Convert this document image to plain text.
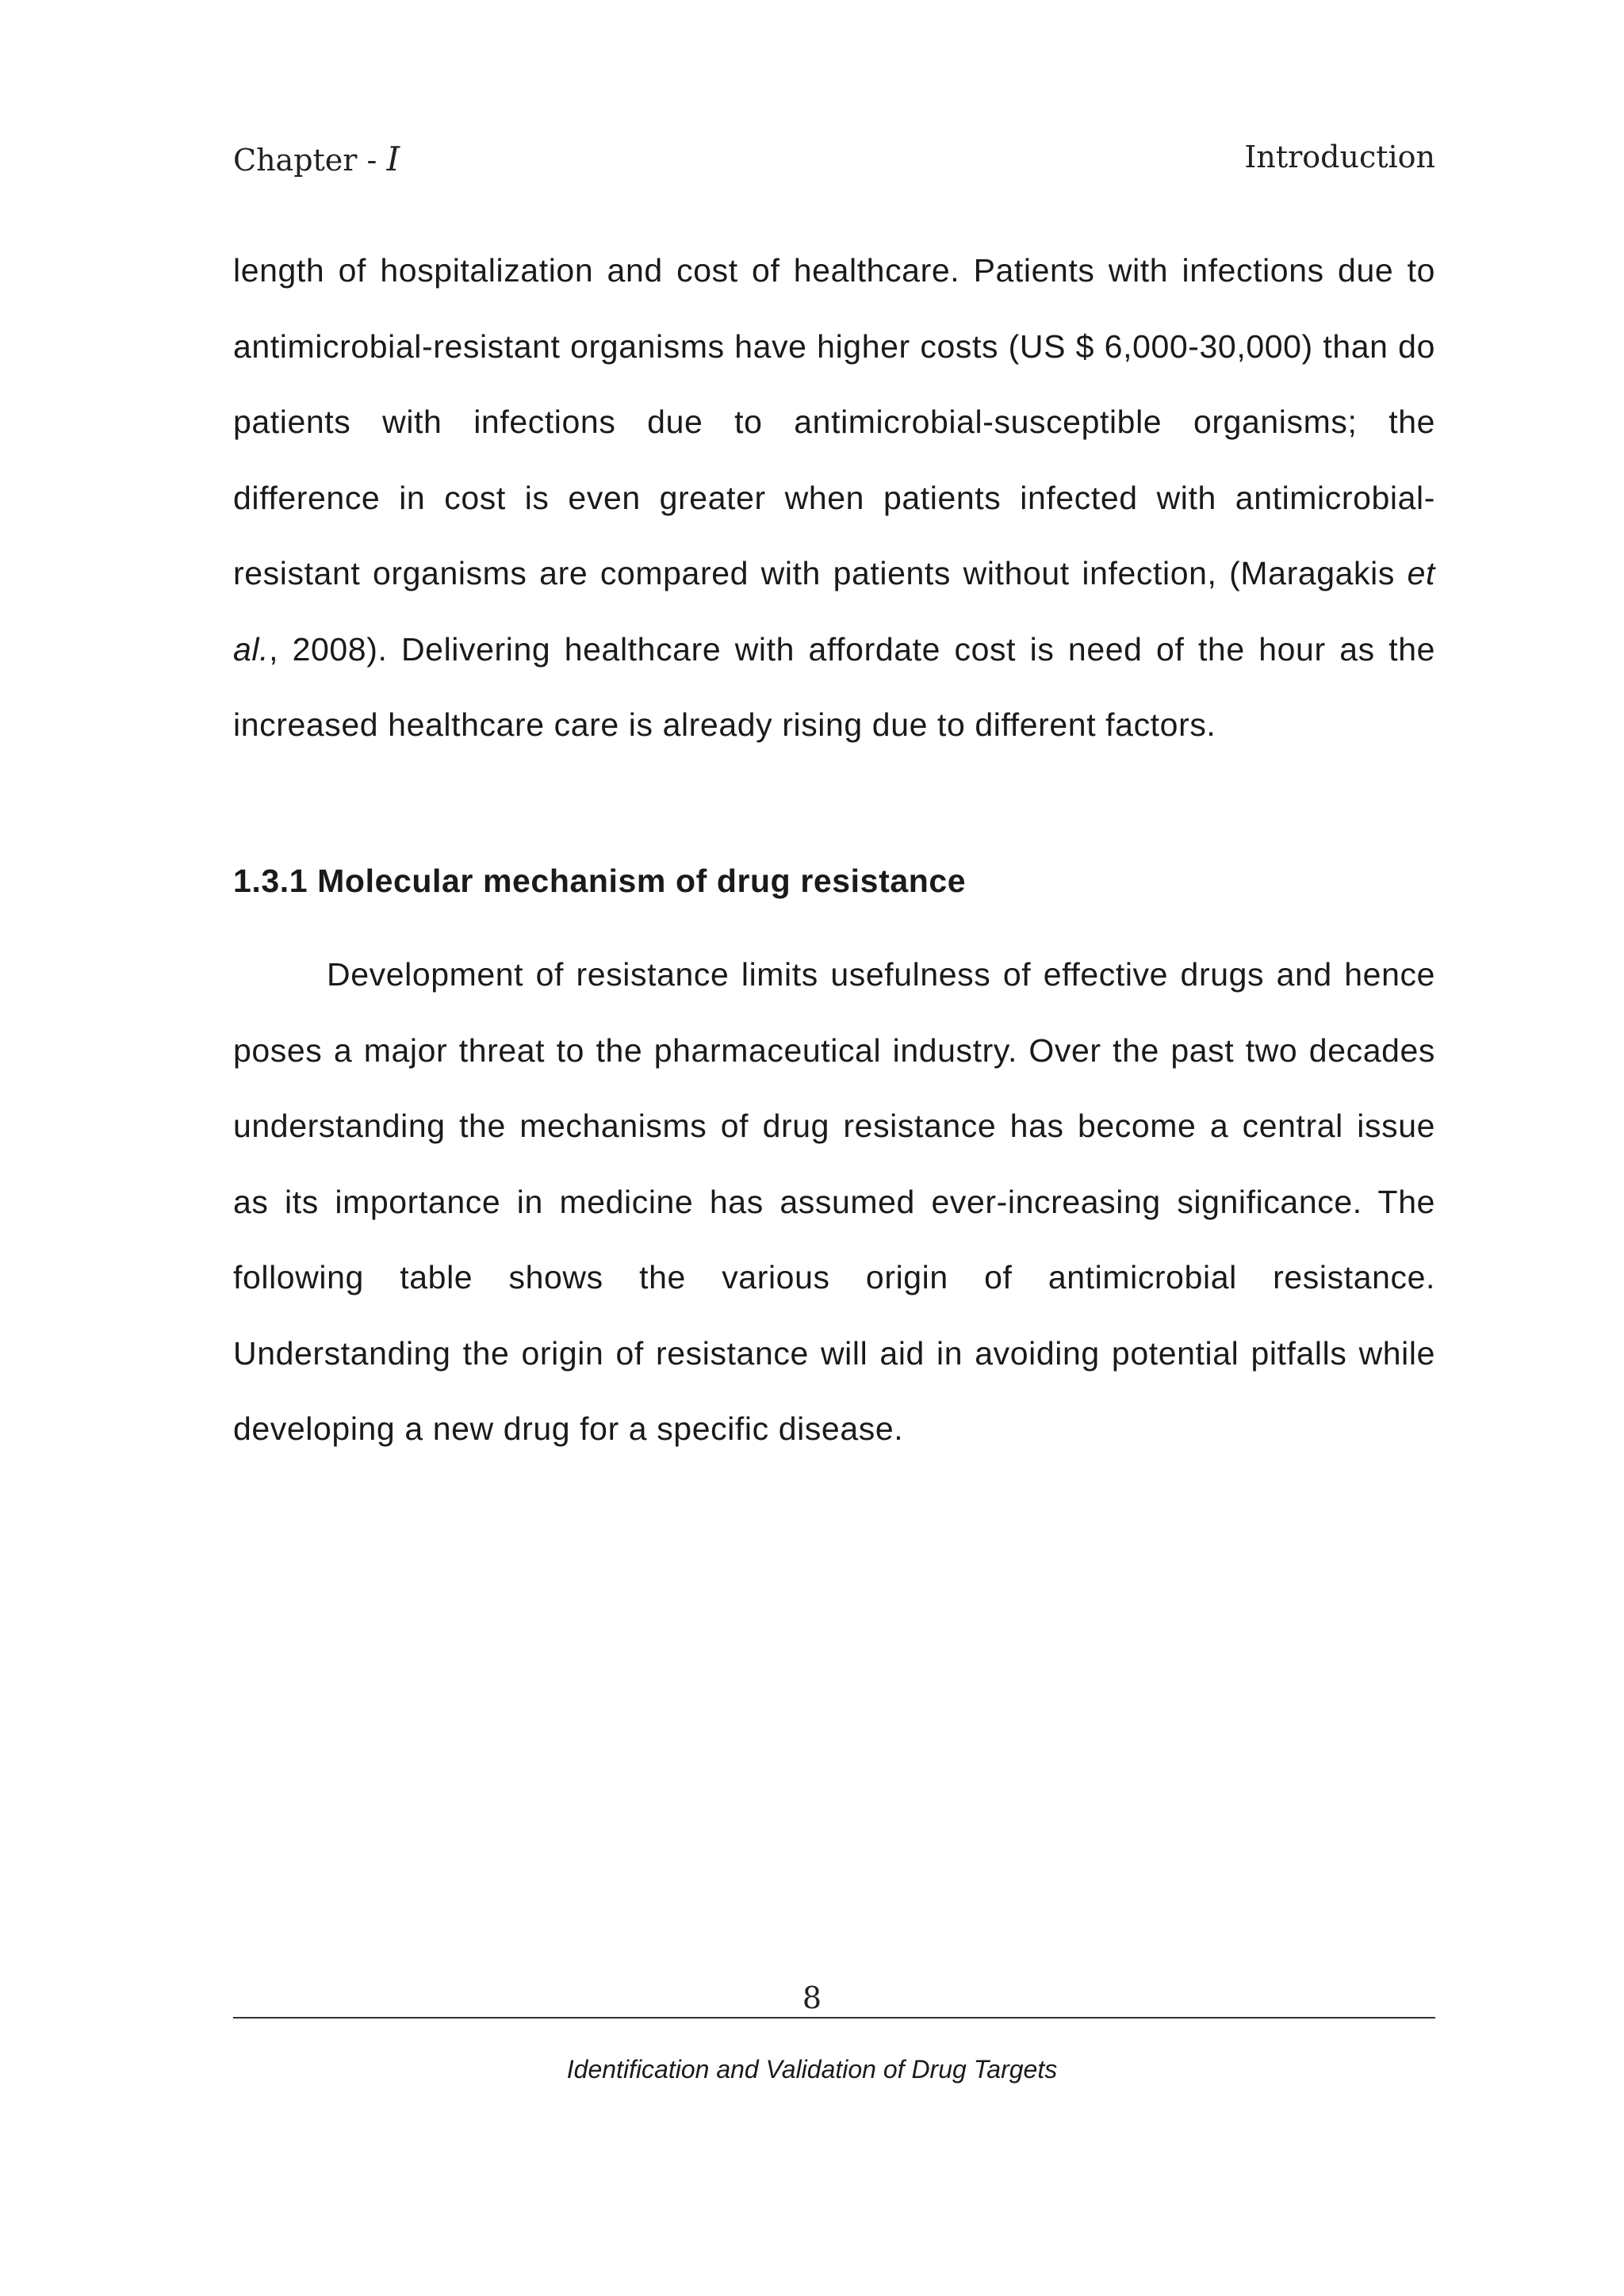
Chapter - I	Introduction

length of hospitalization and cost of healthcare. Patients with infections due to antimicrobial-resistant organisms have higher costs (US $ 6,000-30,000) than do patients with infections due to antimicrobial-susceptible organisms; the difference in cost is even greater when patients infected with antimicrobial-resistant organisms are compared with patients without infection, (Maragakis et al., 2008). Delivering healthcare with affordate cost is need of the hour as the increased healthcare care is already rising due to different factors.

1.3.1 Molecular mechanism of drug resistance

Development of resistance limits usefulness of effective drugs and hence poses a major threat to the pharmaceutical industry. Over the past two decades understanding the mechanisms of drug resistance has become a central issue as its importance in medicine has assumed ever-increasing significance. The following table shows the various origin of antimicrobial resistance. Understanding the origin of resistance will aid in avoiding potential pitfalls while developing a new drug for a specific disease.

8
Identification and Validation of Drug Targets
